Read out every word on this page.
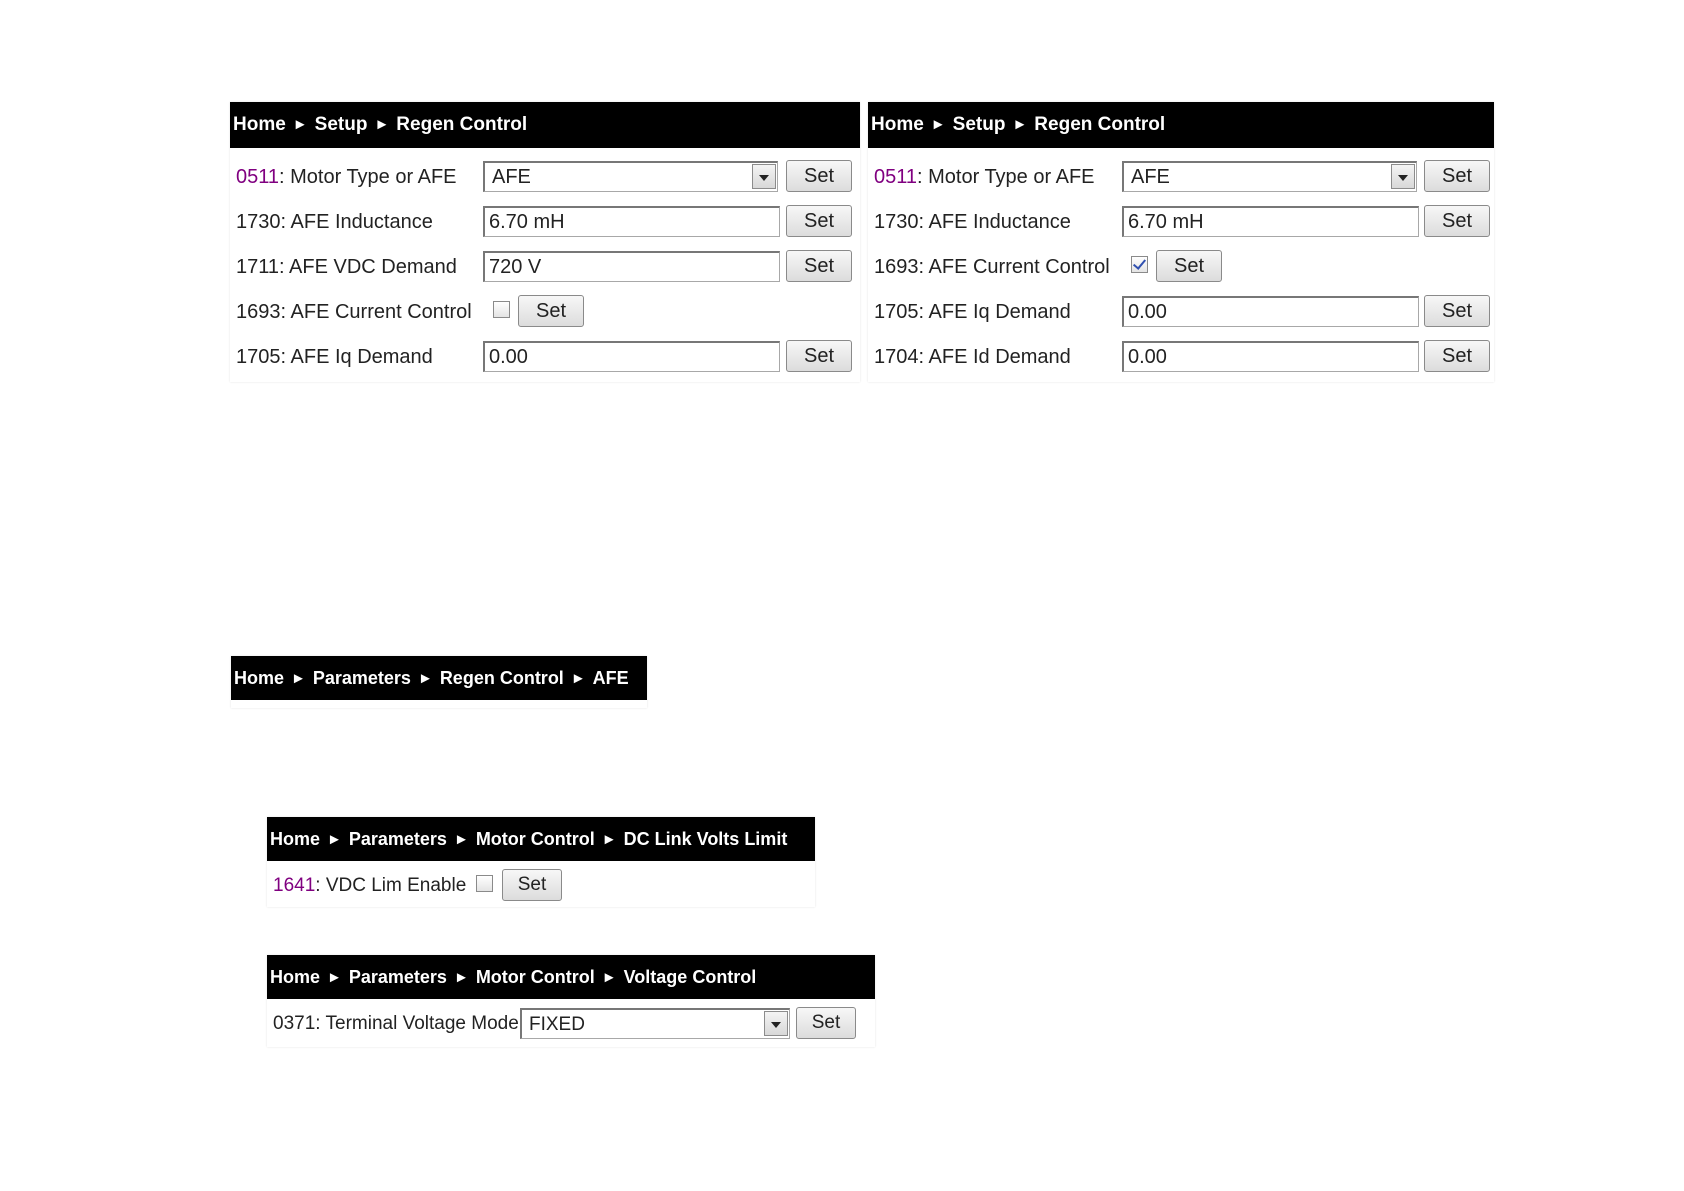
Home ► Setup ► Regen Control
0511: Motor Type or AFE	AFE	Set
1730: AFE Inductance	6.70 mH	Set
1711: AFE VDC Demand	720 V	Set
1693: AFE Current Control	Set
1705: AFE Iq Demand	0.00	Set
Home ► Setup ► Regen Control
0511: Motor Type or AFE	AFE	Set
1730: AFE Inductance	6.70 mH	Set
1693: AFE Current Control	Set
1705: AFE Iq Demand	0.00	Set
1704: AFE Id Demand	0.00	Set
Home ► Parameters ► Regen Control ► AFE
Home ► Parameters ► Motor Control ► DC Link Volts Limit
1641: VDC Lim Enable	Set
Home ► Parameters ► Motor Control ► Voltage Control
0371: Terminal Voltage Mode FIXED	Set
